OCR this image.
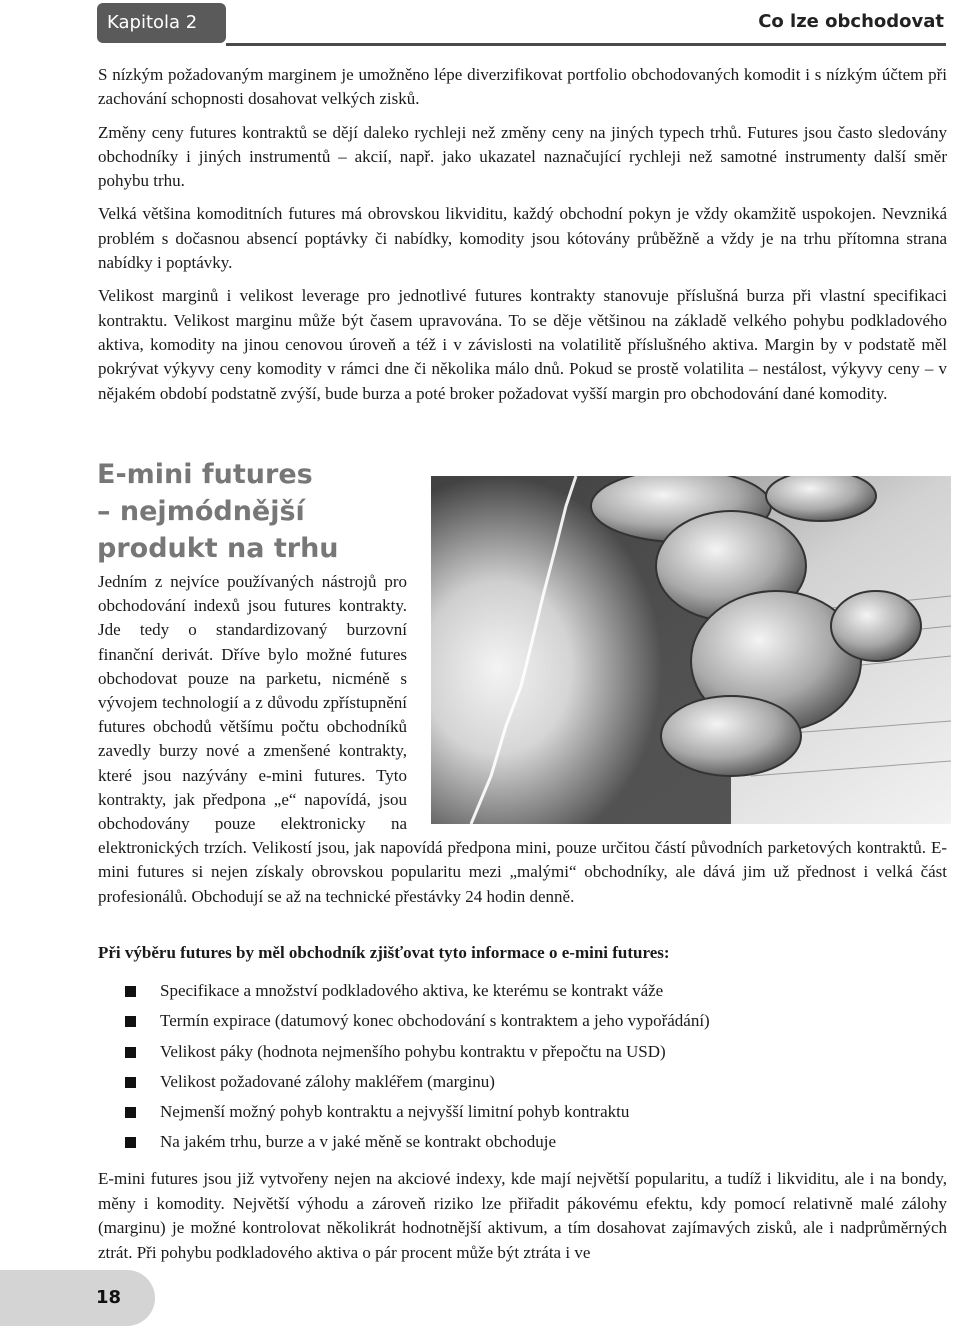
Kapitola 2	Co lze obchodovat

S nízkým požadovaným marginem je umožněno lépe diverzifikovat portfolio obchodovaných komodit i s nízkým účtem při zachování schopnosti dosahovat velkých zisků.

Změny ceny futures kontraktů se dějí daleko rychleji než změny ceny na jiných typech trhů. Futures jsou často sledovány obchodníky i jiných instrumentů – akcií, např. jako ukazatel naznačující rychleji než samotné instrumenty další směr pohybu trhu.

Velká většina komoditních futures má obrovskou likviditu, každý obchodní pokyn je vždy okamžitě uspokojen. Nevzniká problém s dočasnou absencí poptávky či nabídky, komodity jsou kótovány průběžně a vždy je na trhu přítomna strana nabídky i poptávky.

Velikost marginů i velikost leverage pro jednotlivé futures kontrakty stanovuje příslušná burza při vlastní specifikaci kontraktu. Velikost marginu může být časem upravována. To se děje většinou na základě velkého pohybu podkladového aktiva, komodity na jinou cenovou úroveň a též i v závislosti na volatilitě příslušného aktiva. Margin by v podstatě měl pokrývat výkyvy ceny komodity v rámci dne či několika málo dnů. Pokud se prostě volatilita – nestálost, výkyvy ceny – v nějakém období podstatně zvýší, bude burza a poté broker požadovat vyšší margin pro obchodování dané komodity.

E-mini futures
– nejmódnější
produkt na trhu

Jedním z nejvíce používaných nástrojů pro obchodování indexů jsou futures kontrakty. Jde tedy o standardizovaný burzovní finanční derivát. Dříve bylo možné futures obchodovat pouze na parketu, nicméně s vývojem technologií a z důvodu zpřístupnění futures obchodů většímu počtu obchodníků zavedly burzy nové a zmenšené kontrakty, které jsou nazývány e-mini futures. Tyto kontrakty, jak předpona „e“ napovídá, jsou obchodovány pouze elektronicky na elektronických trzích. Velikostí jsou, jak napovídá předpona mini, pouze určitou částí původních parketových kontraktů. E-mini futures si nejen získaly obrovskou popularitu mezi „malými“ obchodníky, ale dává jim už přednost i velká část profesionálů. Obchodují se až na technické přestávky 24 hodin denně.

Při výběru futures by měl obchodník zjišťovat tyto informace o e-mini futures:

Specifikace a množství podkladového aktiva, ke kterému se kontrakt váže
Termín expirace (datumový konec obchodování s kontraktem a jeho vypořádání)
Velikost páky (hodnota nejmenšího pohybu kontraktu v přepočtu na USD)
Velikost požadované zálohy makléřem (marginu)
Nejmenší možný pohyb kontraktu a nejvyšší limitní pohyb kontraktu
Na jakém trhu, burze a v jaké měně se kontrakt obchoduje

E-mini futures jsou již vytvořeny nejen na akciové indexy, kde mají největší popularitu, a tudíž i likviditu, ale i na bondy, měny i komodity. Největší výhodu a zároveň riziko lze přiřadit pákovému efektu, kdy pomocí relativně malé zálohy (marginu) je možné kontrolovat několikrát hodnotnější aktivum, a tím dosahovat zajímavých zisků, ale i nadprůměrných ztrát. Při pohybu podkladového aktiva o pár procent může být ztráta i ve

18
